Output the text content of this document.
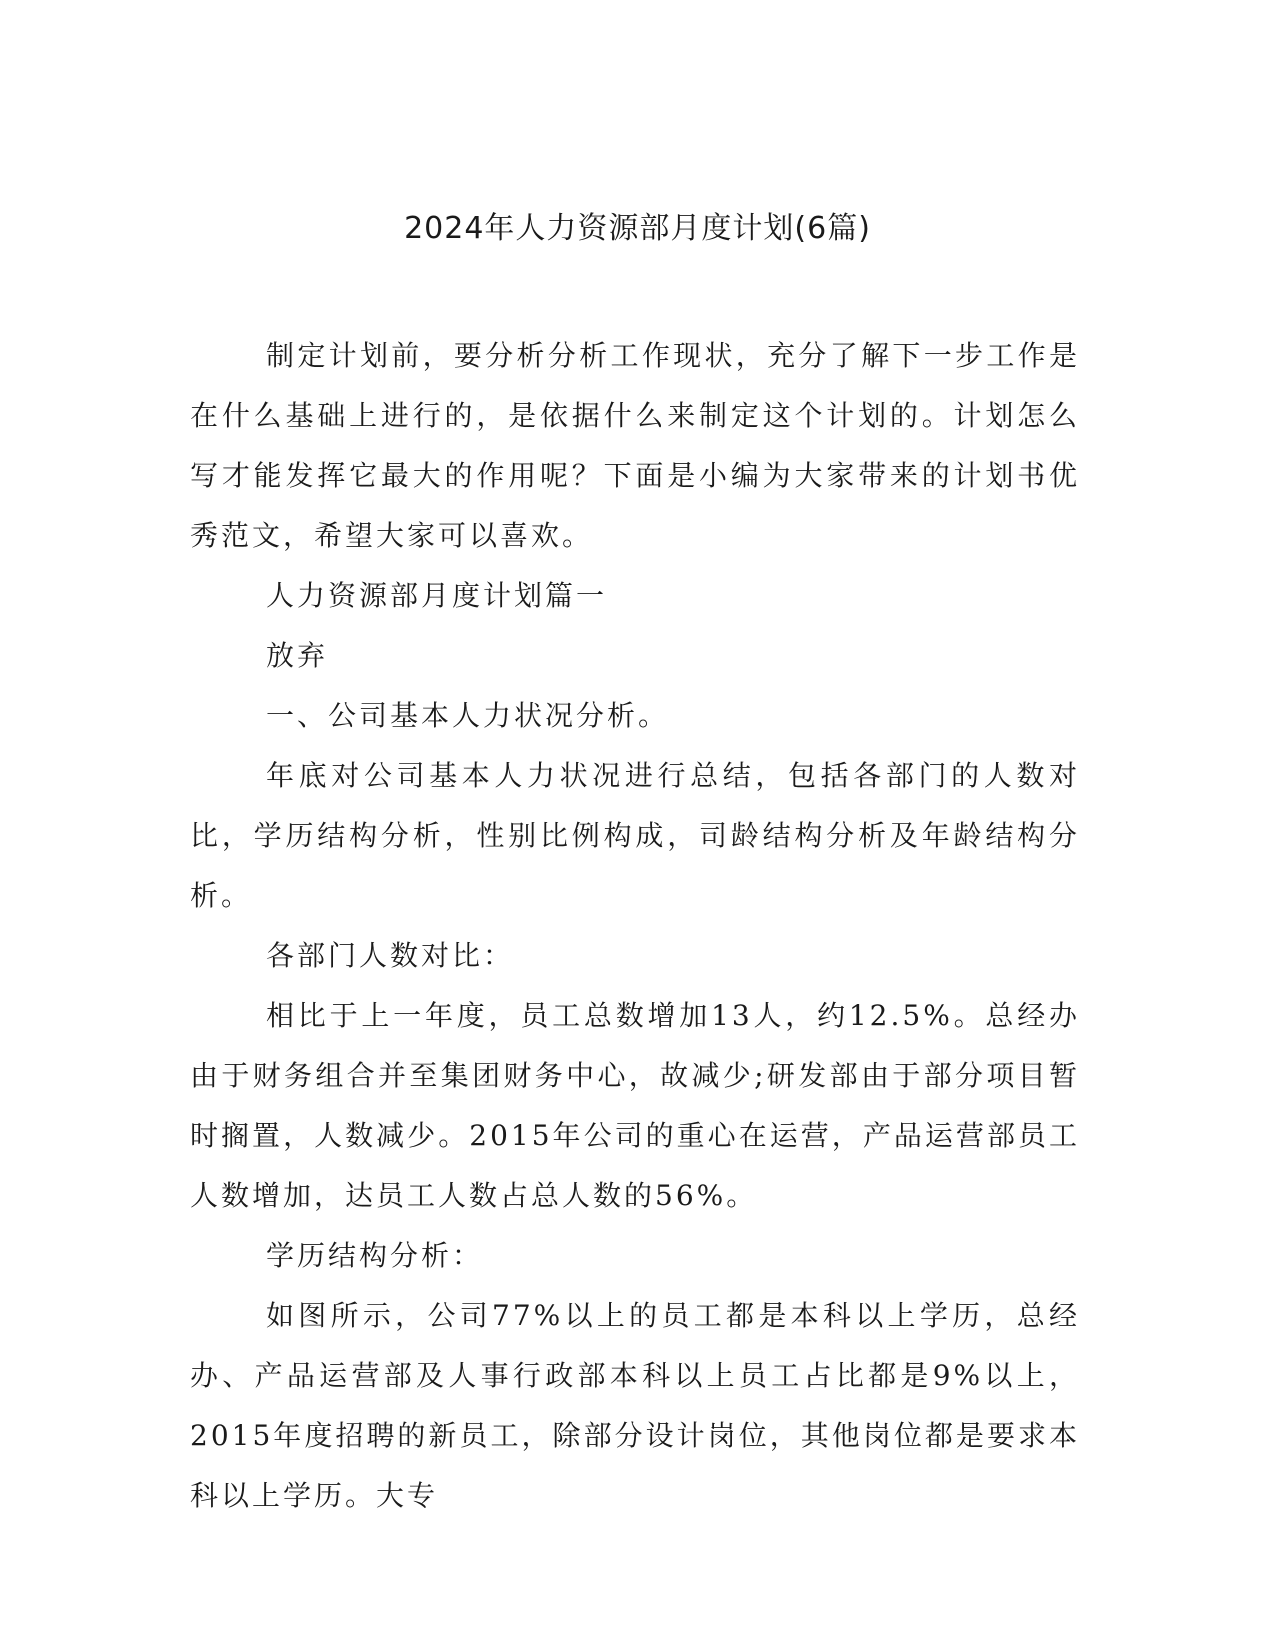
2024年人力资源部月度计划(6篇)

制定计划前，要分析分析工作现状，充分了解下一步工作是在什么基础上进行的，是依据什么来制定这个计划的。计划怎么写才能发挥它最大的作用呢？下面是小编为大家带来的计划书优秀范文，希望大家可以喜欢。

人力资源部月度计划篇一

放弃

一、公司基本人力状况分析。

年底对公司基本人力状况进行总结，包括各部门的人数对比，学历结构分析，性别比例构成，司龄结构分析及年龄结构分析。

各部门人数对比：

相比于上一年度，员工总数增加13人，约12.5%。总经办由于财务组合并至集团财务中心，故减少;研发部由于部分项目暂时搁置，人数减少。2015年公司的重心在运营，产品运营部员工人数增加，达员工人数占总人数的56%。

学历结构分析：

如图所示，公司77%以上的员工都是本科以上学历，总经办、产品运营部及人事行政部本科以上员工占比都是9%以上，2015年度招聘的新员工，除部分设计岗位，其他岗位都是要求本科以上学历。大专
